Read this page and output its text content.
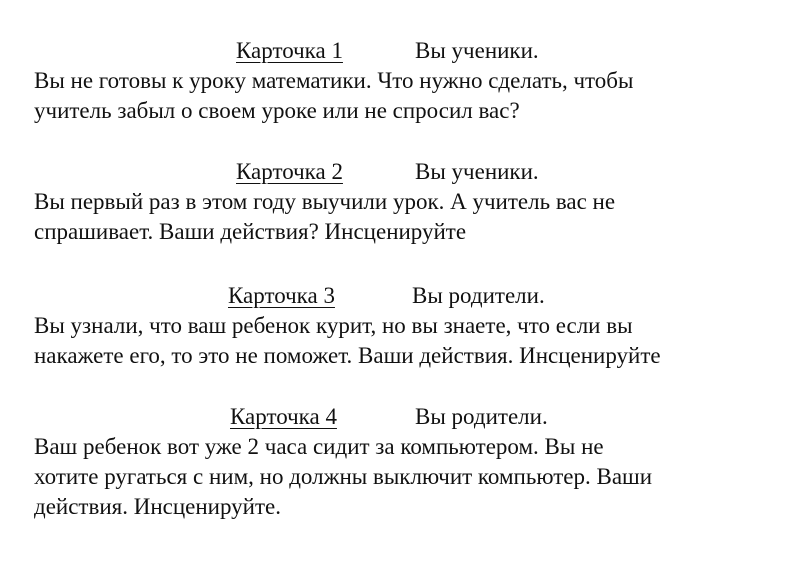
Карточка 1	Вы ученики.
Вы не готовы к уроку математики. Что нужно сделать, чтобы
учитель забыл о своем уроке или не спросил вас?
Карточка 2	Вы ученики.
Вы первый раз в этом году выучили урок. А учитель вас не
спрашивает. Ваши действия? Инсценируйте
Карточка 3	Вы родители.
Вы узнали, что ваш ребенок курит, но вы знаете, что если вы
накажете его, то это не поможет. Ваши действия. Инсценируйте
Карточка 4	Вы родители.
Ваш ребенок вот уже 2 часа сидит за компьютером. Вы не
хотите ругаться с ним, но должны выключит компьютер. Ваши
действия. Инсценируйте.
